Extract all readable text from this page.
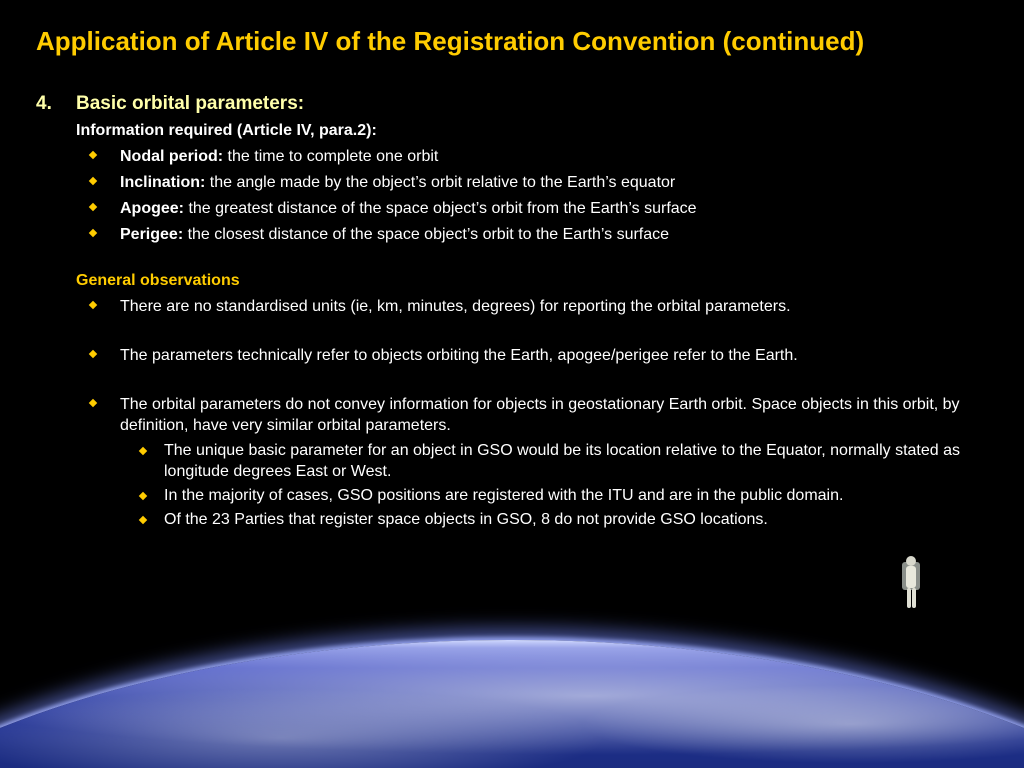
Application of Article IV of the Registration Convention (continued)
4.	Basic orbital parameters:
Information required (Article IV, para.2):
Nodal period: the time to complete one orbit
Inclination: the angle made by the object’s orbit relative to the Earth’s equator
Apogee: the greatest distance of the space object’s orbit from the Earth’s surface
Perigee: the closest distance of the space object’s orbit to the Earth’s surface
General observations
There are no standardised units (ie, km, minutes, degrees) for reporting the orbital parameters.
The parameters technically refer to objects orbiting the Earth, apogee/perigee refer to the Earth.
The orbital parameters do not convey information for objects in geostationary Earth orbit. Space objects in this orbit, by definition, have very similar orbital parameters.
The unique basic parameter for an object in GSO would be its location relative to the Equator, normally stated as longitude degrees East or West.
In the majority of cases, GSO positions are registered with the ITU and are in the public domain.
Of the 23 Parties that register space objects in GSO, 8 do not provide GSO locations.
